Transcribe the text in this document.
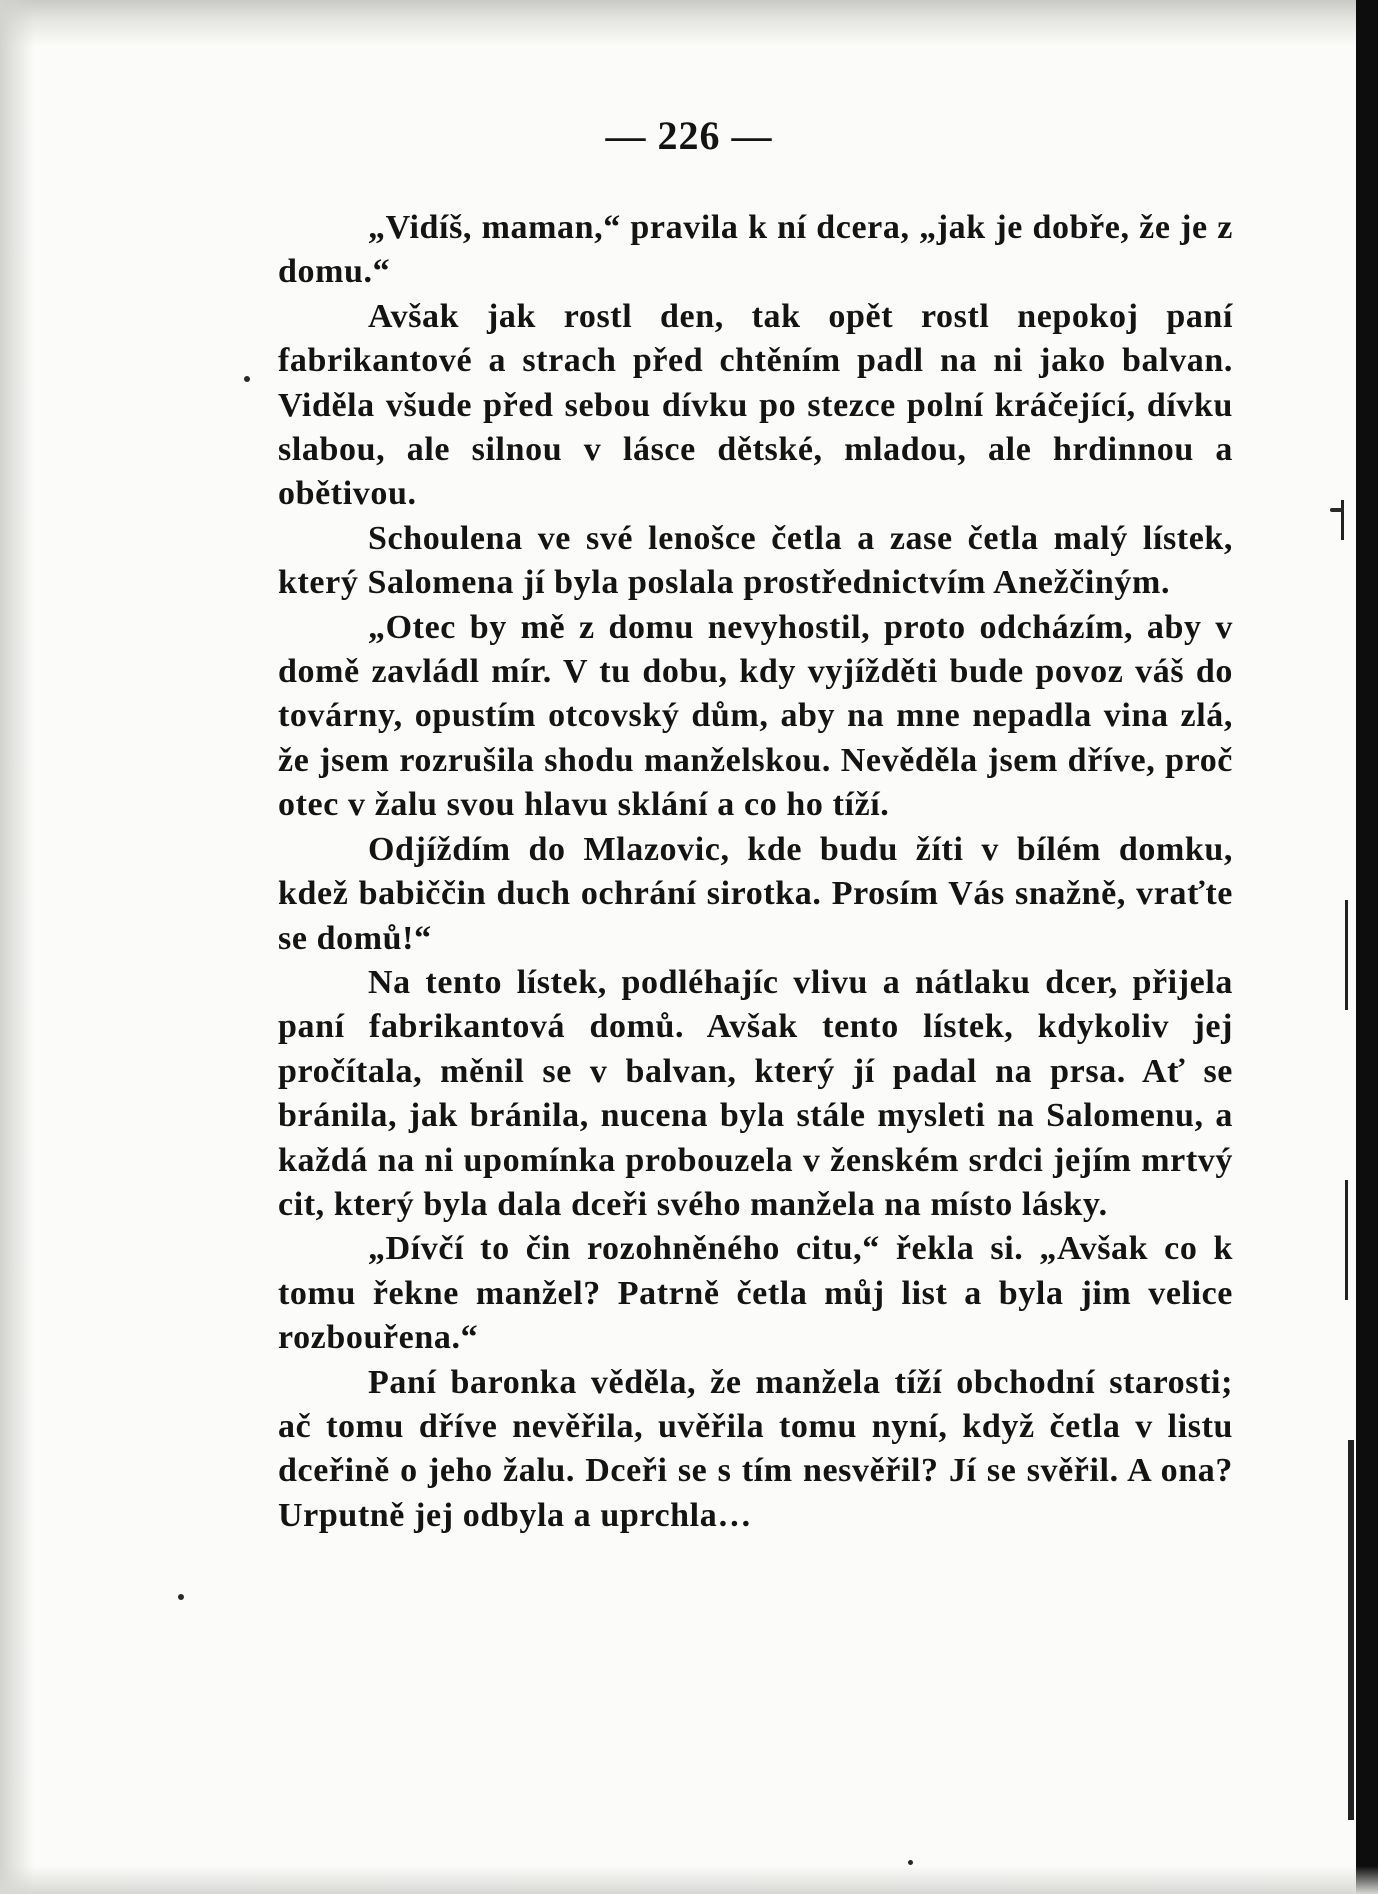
— 226 —

„Vidíš, maman,“ pravila k ní dcera, „jak je dobře, že je z domu.“

Avšak jak rostl den, tak opět rostl nepokoj paní fabrikantové a strach před chtěním padl na ni jako balvan. Viděla všude před sebou dívku po stezce polní kráčející, dívku slabou, ale silnou v lásce dětské, mladou, ale hrdinnou a obětivou.

Schoulena ve své lenošce četla a zase četla malý lístek, který Salomena jí byla poslala prostřednictvím Anežčiným.

„Otec by mě z domu nevyhostil, proto odcházím, aby v domě zavládl mír. V tu dobu, kdy vyjížděti bude povoz váš do továrny, opustím otcovský dům, aby na mne nepadla vina zlá, že jsem rozrušila shodu manželskou. Nevěděla jsem dříve, proč otec v žalu svou hlavu sklání a co ho tíží.

Odjíždím do Mlazovic, kde budu žíti v bílém domku, kdež babiččin duch ochrání sirotka. Prosím Vás snažně, vraťte se domů!“

Na tento lístek, podléhajíc vlivu a nátlaku dcer, přijela paní fabrikantová domů. Avšak tento lístek, kdykoliv jej pročítala, měnil se v balvan, který jí padal na prsa. Ať se bránila, jak bránila, nucena byla stále mysleti na Salomenu, a každá na ni upomínka probouzela v ženském srdci jejím mrtvý cit, který byla dala dceři svého manžela na místo lásky.

„Dívčí to čin rozohněného citu,“ řekla si. „Avšak co k tomu řekne manžel? Patrně četla můj list a byla jim velice rozbouřena.“

Paní baronka věděla, že manžela tíží obchodní starosti; ač tomu dříve nevěřila, uvěřila tomu nyní, když četla v listu dceřině o jeho žalu. Dceři se s tím nesvěřil? Jí se svěřil. A ona? Urputně jej odbyla a uprchla…
